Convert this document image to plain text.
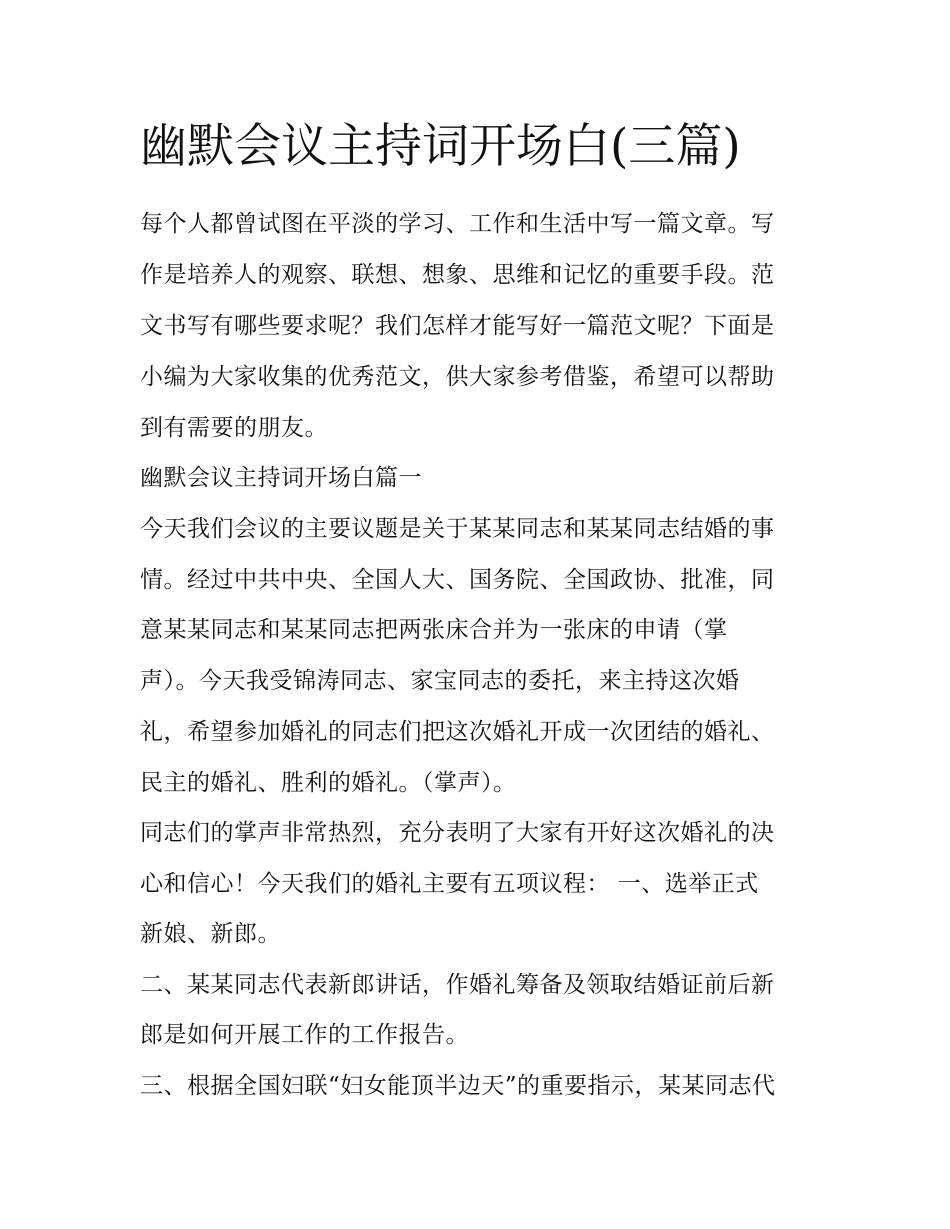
幽默会议主持词开场白(三篇)

每个人都曾试图在平淡的学习、工作和生活中写一篇文章。写

作是培养人的观察、联想、想象、思维和记忆的重要手段。范

文书写有哪些要求呢？我们怎样才能写好一篇范文呢？下面是

小编为大家收集的优秀范文，供大家参考借鉴，希望可以帮助

到有需要的朋友。

幽默会议主持词开场白篇一

今天我们会议的主要议题是关于某某同志和某某同志结婚的事

情。经过中共中央、全国人大、国务院、全国政协、批准，同

意某某同志和某某同志把两张床合并为一张床的申请（掌

声）。今天我受锦涛同志、家宝同志的委托，来主持这次婚

礼，希望参加婚礼的同志们把这次婚礼开成一次团结的婚礼、

民主的婚礼、胜利的婚礼。（掌声）。

同志们的掌声非常热烈，充分表明了大家有开好这次婚礼的决

心和信心！今天我们的婚礼主要有五项议程： 一、选举正式

新娘、新郎。

二、某某同志代表新郎讲话，作婚礼筹备及领取结婚证前后新

郎是如何开展工作的工作报告。

三、根据全国妇联“妇女能顶半边天”的重要指示，某某同志代
